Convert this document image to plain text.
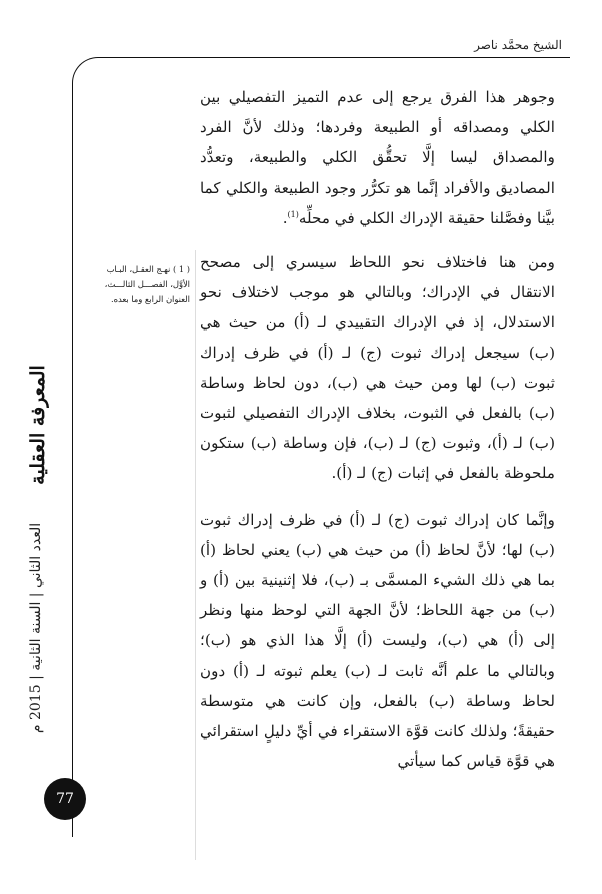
الشيخ محمَّد ناصر

وجوهر هذا الفرق يرجع إلى عدم التميز التفصيلي بين الكلي ومصداقه أو الطبيعة وفردها؛ وذلك لأنَّ الفرد والمصداق ليسا إلَّا تحقُّق الكلي والطبيعة، وتعدُّد المصاديق والأفراد إنَّما هو تكرُّر وجود الطبيعة والكلي كما بيَّنا وفصَّلنا حقيقة الإدراك الكلي في محلِّه$^{(1)}$.

ومن هنا فاختلاف نحو اللحاظ سيسري إلى مصحح الانتقال في الإدراك؛ وبالتالي هو موجب لاختلاف نحو الاستدلال، إذ في الإدراك التقييدي لـ (أ) من حيث هي (ب) سيجعل إدراك ثبوت (ج) لـ (أ) في ظرف إدراك ثبوت (ب) لها ومن حيث هي (ب)، دون لحاظ وساطة (ب) بالفعل في الثبوت، بخلاف الإدراك التفصيلي لثبوت (ب) لـ (أ)، وثبوت (ج) لـ (ب)، فإن وساطة (ب) ستكون ملحوظة بالفعل في إثبات (ج) لـ (أ).

وإنَّما كان إدراك ثبوت (ج) لـ (أ) في ظرف إدراك ثبوت (ب) لها؛ لأنَّ لحاظ (أ) من حيث هي (ب) يعني لحاظ (أ) بما هي ذلك الشيء المسمَّى بـ (ب)، فلا إثنينية بين (أ) و (ب) من جهة اللحاظ؛ لأنَّ الجهة التي لوحظ منها ونظر إلى (أ) هي (ب)، وليست (أ) إلَّا هذا الذي هو (ب)؛ وبالتالي ما علم أنَّه ثابت لـ (ب) يعلم ثبوته لـ (أ) دون لحاظ وساطة (ب) بالفعل، وإن كانت هي متوسطة حقيقةً؛ ولذلك كانت قوَّة الاستقراء في أيِّ دليلٍ استقرائي هي قوَّة قياس كما سيأتي

( 1 ) نهـج العقـل، البـاب
الأوَّل، الفصـــل الثالـــث،
العنوان الرابع وما بعده.
المعرفة العقلية
العدد الثاني | السنة الثانية | 2015 م
77
